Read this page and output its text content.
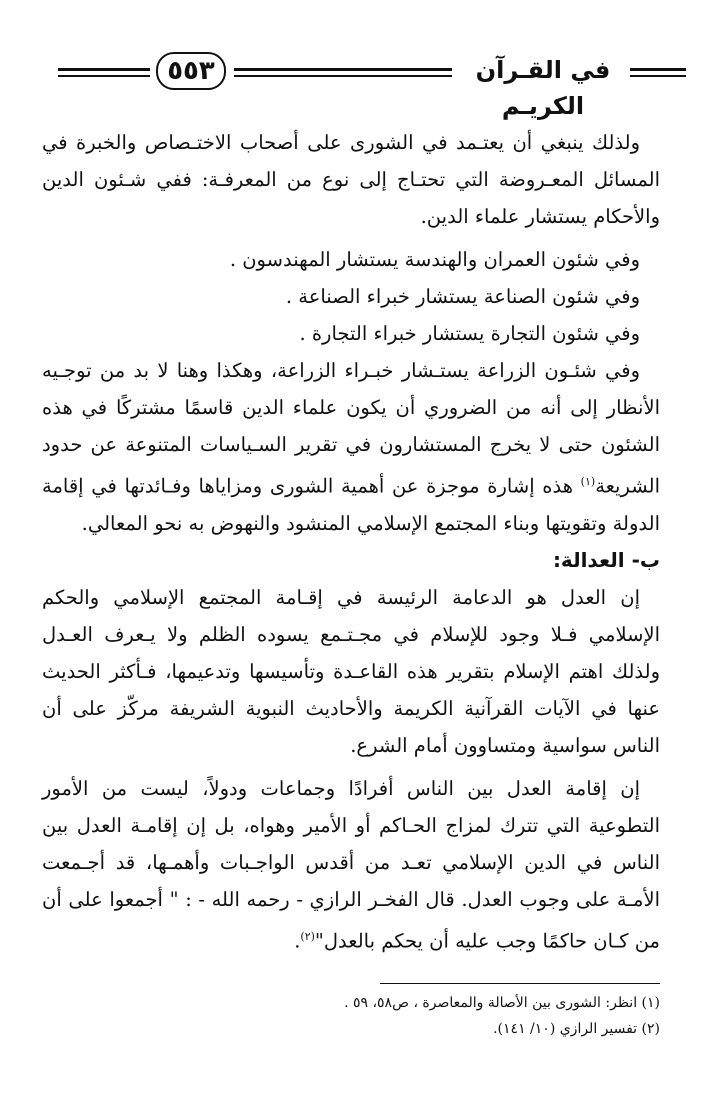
٥٥٣	في القـرآن الكريـم

ولذلك ينبغي أن يعتـمد في الشورى على أصحاب الاختـصاص والخبرة في المسائل المعـروضة التي تحتـاج إلى نوع من المعرفـة: ففي شـئون الدين والأحكام يستشار علماء الدين.

وفي شئون العمران والهندسة يستشار المهندسون .

وفي شئون الصناعة يستشار خبراء الصناعة .

وفي شئون التجارة يستشار خبراء التجارة .

وفي شئـون الزراعة يستـشار خبـراء الزراعة، وهكذا وهنا لا بد من توجـيه الأنظار إلى أنه من الضروري أن يكون علماء الدين قاسمًا مشتركًا في هذه الشئون حتى لا يخرج المستشارون في تقرير السـياسات المتنوعة عن حدود الشريعة$^{(١)}$ هذه إشارة موجزة عن أهمية الشورى ومزاياها وفـائدتها في إقامة الدولة وتقويتها وبناء المجتمع الإسلامي المنشود والنهوض به نحو المعالي.

ب- العدالة:

إن العدل هو الدعامة الرئيسة في إقـامة المجتمع الإسلامي والحكم الإسلامي فـلا وجود للإسلام في مجـتـمع يسوده الظلم ولا يـعرف العـدل ولذلك اهتم الإسلام بتقرير هذه القاعـدة وتأسيسها وتدعيمها، فـأكثر الحديث عنها في الآيات القرآنية الكريمة والأحاديث النبوية الشريفة مركّز على أن الناس سواسية ومتساوون أمام الشرع.

إن إقامة العدل بين الناس أفرادًا وجماعات ودولاً، ليست من الأمور التطوعية التي تترك لمزاج الحـاكم أو الأمير وهواه، بل إن إقامـة العدل بين الناس في الدين الإسلامي تعـد من أقدس الواجـبات وأهمـها، قد أجـمعت الأمـة على وجوب العدل. قال الفخـر الرازي - رحمه الله - : " أجمعوا على أن من كـان حاكمًا وجب عليه أن يحكم بالعدل"$^{(٢)}$.

(١) انظر: الشورى بين الأصالة والمعاصرة ، ص٥٨، ٥٩ .
(٢) تفسير الرازي (١٠/ ١٤١).
